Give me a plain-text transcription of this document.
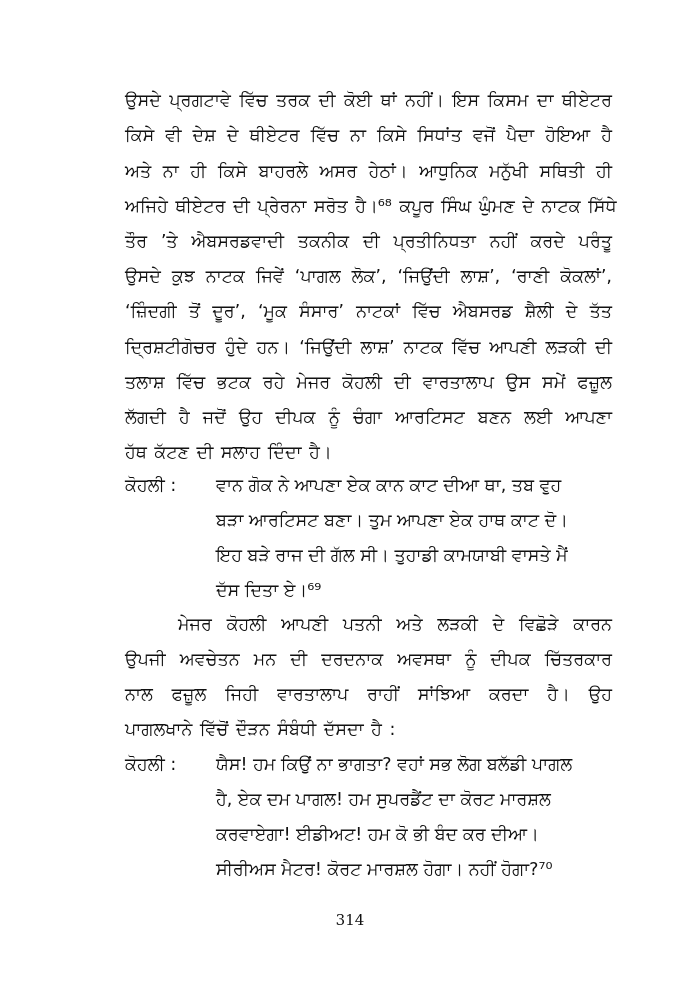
ਉਸਦੇ ਪ੍ਰਗਟਾਵੇ ਵਿੱਚ ਤਰਕ ਦੀ ਕੋਈ ਥਾਂ ਨਹੀਂ। ਇਸ ਕਿਸਮ ਦਾ ਥੀਏਟਰ
ਕਿਸੇ ਵੀ ਦੇਸ਼ ਦੇ ਥੀਏਟਰ ਵਿੱਚ ਨਾ ਕਿਸੇ ਸਿਧਾਂਤ ਵਜੋਂ ਪੈਦਾ ਹੋਇਆ ਹੈ
ਅਤੇ ਨਾ ਹੀ ਕਿਸੇ ਬਾਹਰਲੇ ਅਸਰ ਹੇਠਾਂ। ਆਧੁਨਿਕ ਮਨੁੱਖੀ ਸਥਿਤੀ ਹੀ
ਅਜਿਹੇ ਥੀਏਟਰ ਦੀ ਪ੍ਰੇਰਨਾ ਸਰੋਤ ਹੈ।⁶⁸ ਕਪੂਰ ਸਿੰਘ ਘੁੰਮਣ ਦੇ ਨਾਟਕ ਸਿੱਧੇ
ਤੌਰ ’ਤੇ ਐਬਸਰਡਵਾਦੀ ਤਕਨੀਕ ਦੀ ਪ੍ਰਤੀਨਿਧਤਾ ਨਹੀਂ ਕਰਦੇ ਪਰੰਤੂ
ਉਸਦੇ ਕੁਝ ਨਾਟਕ ਜਿਵੇਂ ‘ਪਾਗਲ ਲੋਕ’, ‘ਜਿਉਂਦੀ ਲਾਸ਼’, ‘ਰਾਣੀ ਕੋਕਲਾਂ’,
‘ਜ਼ਿੰਦਗੀ ਤੋਂ ਦੂਰ’, ‘ਮੂਕ ਸੰਸਾਰ’ ਨਾਟਕਾਂ ਵਿੱਚ ਐਬਸਰਡ ਸ਼ੈਲੀ ਦੇ ਤੱਤ
ਦ੍ਰਿਸ਼ਟੀਗੋਚਰ ਹੁੰਦੇ ਹਨ। ‘ਜਿਉਂਦੀ ਲਾਸ਼’ ਨਾਟਕ ਵਿੱਚ ਆਪਣੀ ਲੜਕੀ ਦੀ
ਤਲਾਸ਼ ਵਿੱਚ ਭਟਕ ਰਹੇ ਮੇਜਰ ਕੋਹਲੀ ਦੀ ਵਾਰਤਾਲਾਪ ਉਸ ਸਮੇਂ ਫਜ਼ੂਲ
ਲੱਗਦੀ ਹੈ ਜਦੋਂ ਉਹ ਦੀਪਕ ਨੂੰ ਚੰਗਾ ਆਰਟਿਸਟ ਬਣਨ ਲਈ ਆਪਣਾ
ਹੱਥ ਕੱਟਣ ਦੀ ਸਲਾਹ ਦਿੰਦਾ ਹੈ।
ਕੋਹਲੀ : ਵਾਨ ਗੋਕ ਨੇ ਆਪਣਾ ਏਕ ਕਾਨ ਕਾਟ ਦੀਆ ਥਾ, ਤਬ ਵੁਹ
ਬੜਾ ਆਰਟਿਸਟ ਬਣਾ। ਤੁਮ ਆਪਣਾ ਏਕ ਹਾਥ ਕਾਟ ਦੋ।
ਇਹ ਬੜੇ ਰਾਜ ਦੀ ਗੱਲ ਸੀ। ਤੁਹਾਡੀ ਕਾਮਯਾਬੀ ਵਾਸਤੇ ਮੈਂ
ਦੱਸ ਦਿਤਾ ਏ।⁶⁹
ਮੇਜਰ ਕੋਹਲੀ ਆਪਣੀ ਪਤਨੀ ਅਤੇ ਲੜਕੀ ਦੇ ਵਿਛੋੜੇ ਕਾਰਨ
ਉਪਜੀ ਅਵਚੇਤਨ ਮਨ ਦੀ ਦਰਦਨਾਕ ਅਵਸਥਾ ਨੂੰ ਦੀਪਕ ਚਿੱਤਰਕਾਰ
ਨਾਲ ਫਜ਼ੂਲ ਜਿਹੀ ਵਾਰਤਾਲਾਪ ਰਾਹੀਂ ਸਾਂਝਿਆ ਕਰਦਾ ਹੈ। ਉਹ
ਪਾਗਲਖਾਨੇ ਵਿੱਚੋਂ ਦੌੜਨ ਸੰਬੰਧੀ ਦੱਸਦਾ ਹੈ :
ਕੋਹਲੀ : ਯੈਸ! ਹਮ ਕਿਉਂ ਨਾ ਭਾਗਤਾ? ਵਹਾਂ ਸਭ ਲੋਗ ਬਲੱਡੀ ਪਾਗਲ
ਹੈ, ਏਕ ਦਮ ਪਾਗਲ! ਹਮ ਸੁਪਰਡੈਂਟ ਦਾ ਕੋਰਟ ਮਾਰਸ਼ਲ
ਕਰਵਾਏਗਾ! ਈਡੀਅਟ! ਹਮ ਕੋ ਭੀ ਬੰਦ ਕਰ ਦੀਆ।
ਸੀਰੀਅਸ ਮੈਟਰ! ਕੋਰਟ ਮਾਰਸ਼ਲ ਹੋਗਾ। ਨਹੀਂ ਹੋਗਾ?⁷⁰
314
